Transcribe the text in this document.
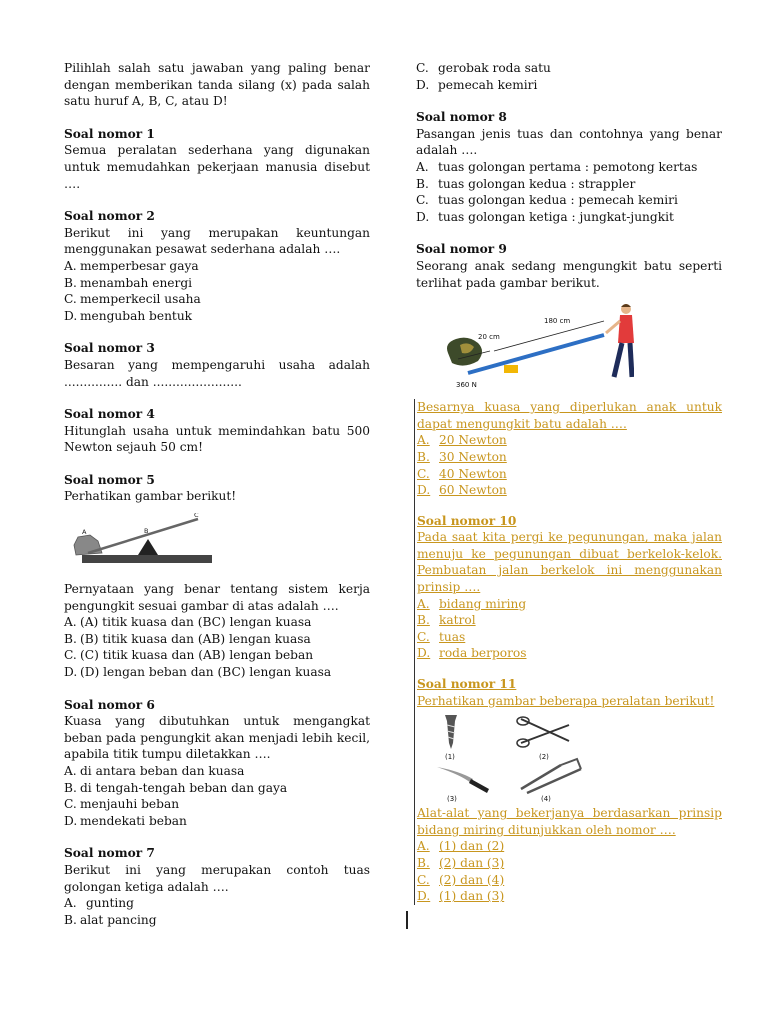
Pilihlah salah satu jawaban yang paling benar dengan memberikan tanda silang (x) pada salah satu huruf A, B, C, atau D!

Soal nomor 1

Semua peralatan sederhana yang digunakan untuk memudahkan pekerjaan manusia disebut ….

Soal nomor 2

Berikut ini yang merupakan keuntungan menggunakan pesawat sederhana adalah ….

A. memperbesar gaya
B. menambah energi
C. memperkecil usaha
D. mengubah bentuk

Soal nomor 3

Besaran yang mempengaruhi usaha adalah ............... dan .......................

Soal nomor 4

Hitunglah usaha untuk memindahkan batu 500 Newton sejauh 50 cm!

Soal nomor 5

Perhatikan gambar berikut!

A	B
C

Pernyataan yang benar tentang sistem kerja pengungkit sesuai gambar di atas adalah ….

A. (A) titik kuasa dan (BC) lengan kuasa
B. (B) titik kuasa dan (AB) lengan kuasa
C. (C) titik kuasa dan (AB) lengan beban
D. (D) lengan beban dan (BC) lengan kuasa

Soal nomor 6

Kuasa yang dibutuhkan untuk mengangkat beban pada pengungkit akan menjadi lebih kecil, apabila titik tumpu diletakkan ….

A. di antara beban dan kuasa
B. di tengah-tengah beban dan gaya
C. menjauhi beban
D. mendekati beban

Soal nomor 7

Berikut ini yang merupakan contoh tuas golongan ketiga adalah ….

A. gunting
B. alat pancing
C. gerobak roda satu
D. pemecah kemiri

Soal nomor 8

Pasangan jenis tuas dan contohnya yang benar adalah ….

A. tuas golongan pertama : pemotong kertas
B. tuas golongan kedua : strappler
C. tuas golongan kedua : pemecah kemiri
D. tuas golongan ketiga : jungkat-jungkit

Soal nomor 9

Seorang anak sedang mengungkit batu seperti terlihat pada gambar berikut.

180 cm
20 cm
360 N

Besarnya kuasa yang diperlukan anak untuk dapat mengungkit batu adalah ….

A. 20 Newton
B. 30 Newton
C. 40 Newton
D. 60 Newton

Soal nomor 10

Pada saat kita pergi ke pegunungan, maka jalan menuju ke pegunungan dibuat berkelok-kelok. Pembuatan jalan berkelok ini menggunakan prinsip ….

A. bidang miring
B. katrol
C. tuas
D. roda berporos

Soal nomor 11

Perhatikan gambar beberapa peralatan berikut!

(1)	(2)
(3)	(4)

Alat-alat yang bekerjanya berdasarkan prinsip bidang miring ditunjukkan oleh nomor ….

A. (1) dan (2)
B. (2) dan (3)
C. (2) dan (4)
D. (1) dan (3)
